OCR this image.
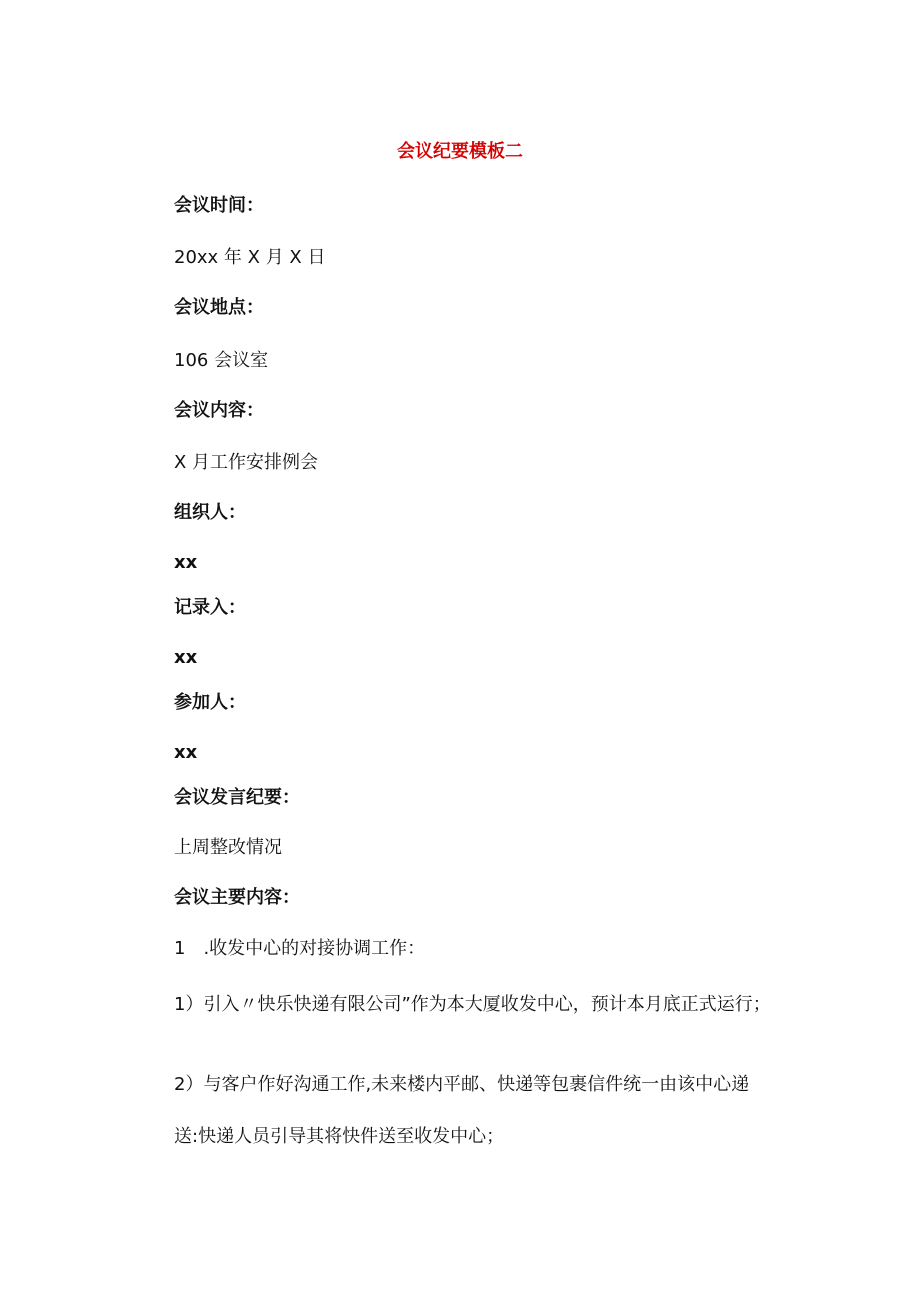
会议纪要模板二
会议时间：
20xx 年 X 月 X 日
会议地点：
106 会议室
会议内容：
X 月工作安排例会
组织人：
xx
记录入：
xx
参加人：
xx
会议发言纪要：
上周整改情况
会议主要内容：
1　.收发中心的对接协调工作：
1）引入〃快乐快递有限公司”作为本大厦收发中心，预计本月底正式运行；
2）与客户作好沟通工作,未来楼内平邮、快递等包裹信件统一由该中心递
送:快递人员引导其将快件送至收发中心；
